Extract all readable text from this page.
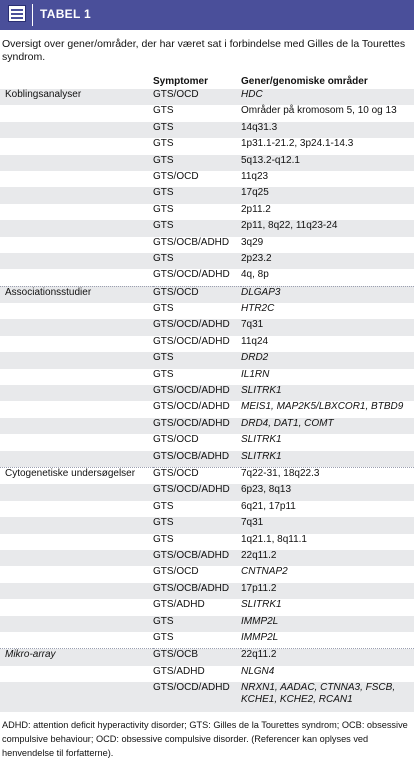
TABEL 1
Oversigt over gener/områder, der har været sat i forbindelse med Gilles de la Tourettes syndrom.
	Symptomer	Gener/genomiske områder
Koblingsanalyser	GTS/OCD	HDC
	GTS	Områder på kromosom 5, 10 og 13
	GTS	14q31.3
	GTS	1p31.1-21.2, 3p24.1-14.3
	GTS	5q13.2-q12.1
	GTS/OCD	11q23
	GTS	17q25
	GTS	2p11.2
	GTS	2p11, 8q22, 11q23-24
	GTS/OCB/ADHD	3q29
	GTS	2p23.2
	GTS/OCD/ADHD	4q, 8p
Associationsstudier	GTS/OCD	DLGAP3
	GTS	HTR2C
	GTS/OCD/ADHD	7q31
	GTS/OCD/ADHD	11q24
	GTS	DRD2
	GTS	IL1RN
	GTS/OCD/ADHD	SLITRK1
	GTS/OCD/ADHD	MEIS1, MAP2K5/LBXCOR1, BTBD9
	GTS/OCD/ADHD	DRD4, DAT1, COMT
	GTS/OCD	SLITRK1
	GTS/OCB/ADHD	SLITRK1
Cytogenetiske undersøgelser	GTS/OCD	7q22-31, 18q22.3
	GTS/OCD/ADHD	6p23, 8q13
	GTS	6q21, 17p11
	GTS	7q31
	GTS	1q21.1, 8q11.1
	GTS/OCB/ADHD	22q11.2
	GTS/OCD	CNTNAP2
	GTS/OCB/ADHD	17p11.2
	GTS/ADHD	SLITRK1
	GTS	IMMP2L
	GTS	IMMP2L
Mikro-array	GTS/OCB	22q11.2
	GTS/ADHD	NLGN4
	GTS/OCD/ADHD	NRXN1, AADAC, CTNNA3, FSCB, KCHE1, KCHE2, RCAN1
ADHD: attention deficit hyperactivity disorder; GTS: Gilles de la Tourettes syndrom; OCB: obsessive compulsive behaviour; OCD: obsessive compulsive disorder. (Referencer kan oplyses ved henvendelse til forfatterne).
